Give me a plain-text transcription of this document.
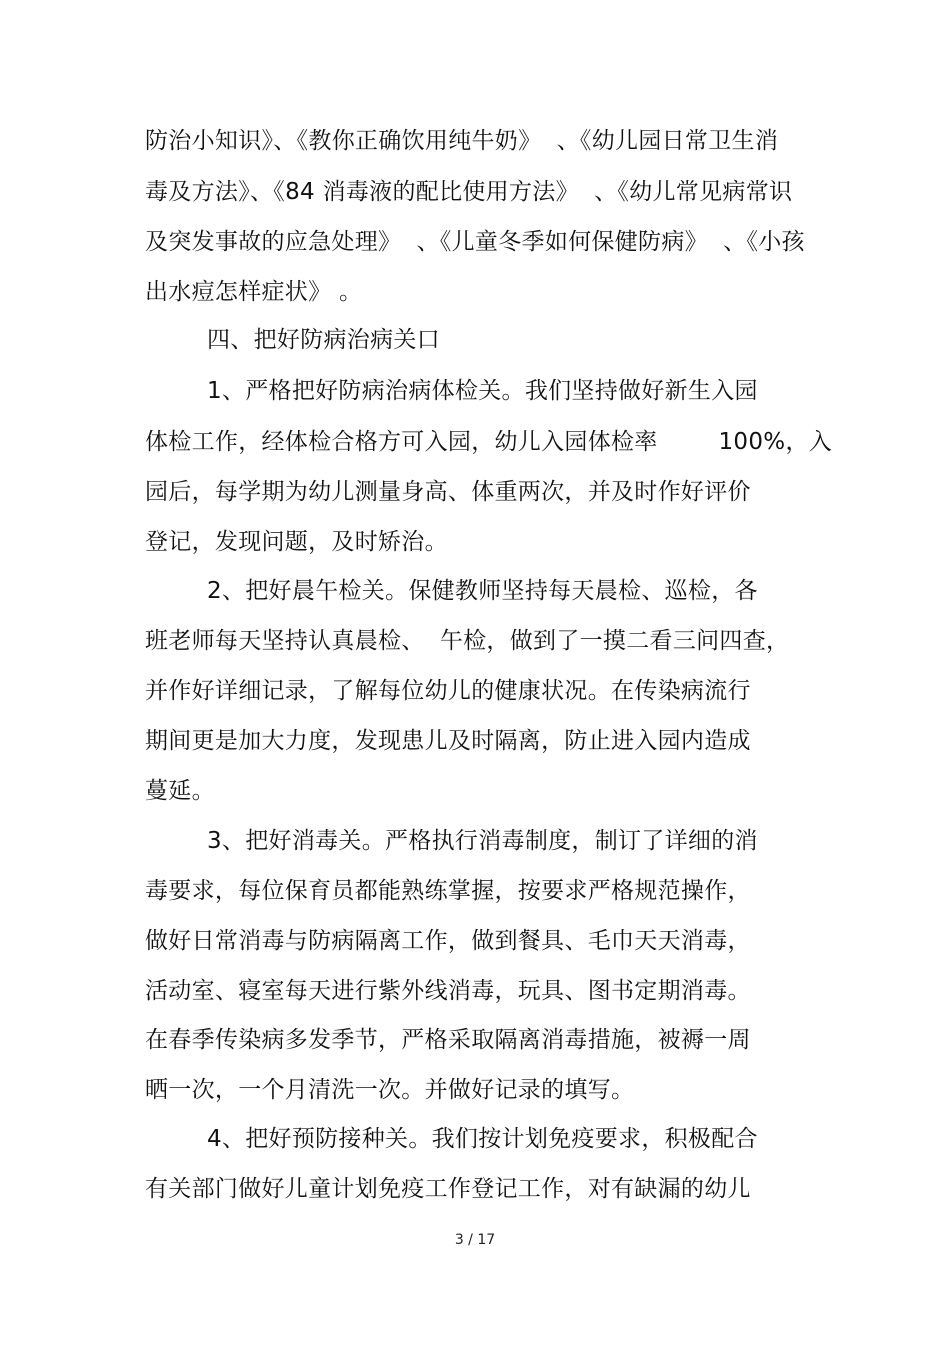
防治小知识》、《教你正确饮用纯牛奶》  、《幼儿园日常卫生消
毒及方法》、《84 消毒液的配比使用方法》  、《幼儿常见病常识
及突发事故的应急处理》  、《儿童冬季如何保健防病》  、《小孩
出水痘怎样症状》 。
四、把好防病治病关口
1、严格把好防病治病体检关。我们坚持做好新生入园
体检工作，经体检合格方可入园，幼儿入园体检率        100%，入
园后，每学期为幼儿测量身高、体重两次，并及时作好评价
登记，发现问题，及时矫治。
2、把好晨午检关。保健教师坚持每天晨检、巡检，各
班老师每天坚持认真晨检、  午检，做到了一摸二看三问四查，
并作好详细记录，了解每位幼儿的健康状况。在传染病流行
期间更是加大力度，发现患儿及时隔离，防止进入园内造成
蔓延。
3、把好消毒关。严格执行消毒制度，制订了详细的消
毒要求，每位保育员都能熟练掌握，按要求严格规范操作，
做好日常消毒与防病隔离工作，做到餐具、毛巾天天消毒，
活动室、寝室每天进行紫外线消毒，玩具、图书定期消毒。
在春季传染病多发季节，严格采取隔离消毒措施，被褥一周
晒一次，一个月清洗一次。并做好记录的填写。
4、把好预防接种关。我们按计划免疫要求，积极配合
有关部门做好儿童计划免疫工作登记工作，对有缺漏的幼儿
3 / 17
